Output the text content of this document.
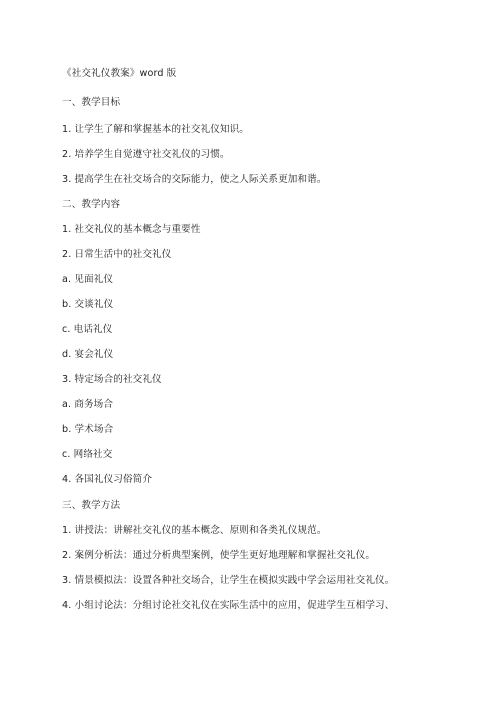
《社交礼仪教案》word 版
一、教学目标
1. 让学生了解和掌握基本的社交礼仪知识。
2. 培养学生自觉遵守社交礼仪的习惯。
3. 提高学生在社交场合的交际能力，使之人际关系更加和谐。
二、教学内容
1. 社交礼仪的基本概念与重要性
2. 日常生活中的社交礼仪
a. 见面礼仪
b. 交谈礼仪
c. 电话礼仪
d. 宴会礼仪
3. 特定场合的社交礼仪
a. 商务场合
b. 学术场合
c. 网络社交
4. 各国礼仪习俗简介
三、教学方法
1. 讲授法：讲解社交礼仪的基本概念、原则和各类礼仪规范。
2. 案例分析法：通过分析典型案例，使学生更好地理解和掌握社交礼仪。
3. 情景模拟法：设置各种社交场合，让学生在模拟实践中学会运用社交礼仪。
4. 小组讨论法：分组讨论社交礼仪在实际生活中的应用，促进学生互相学习、
